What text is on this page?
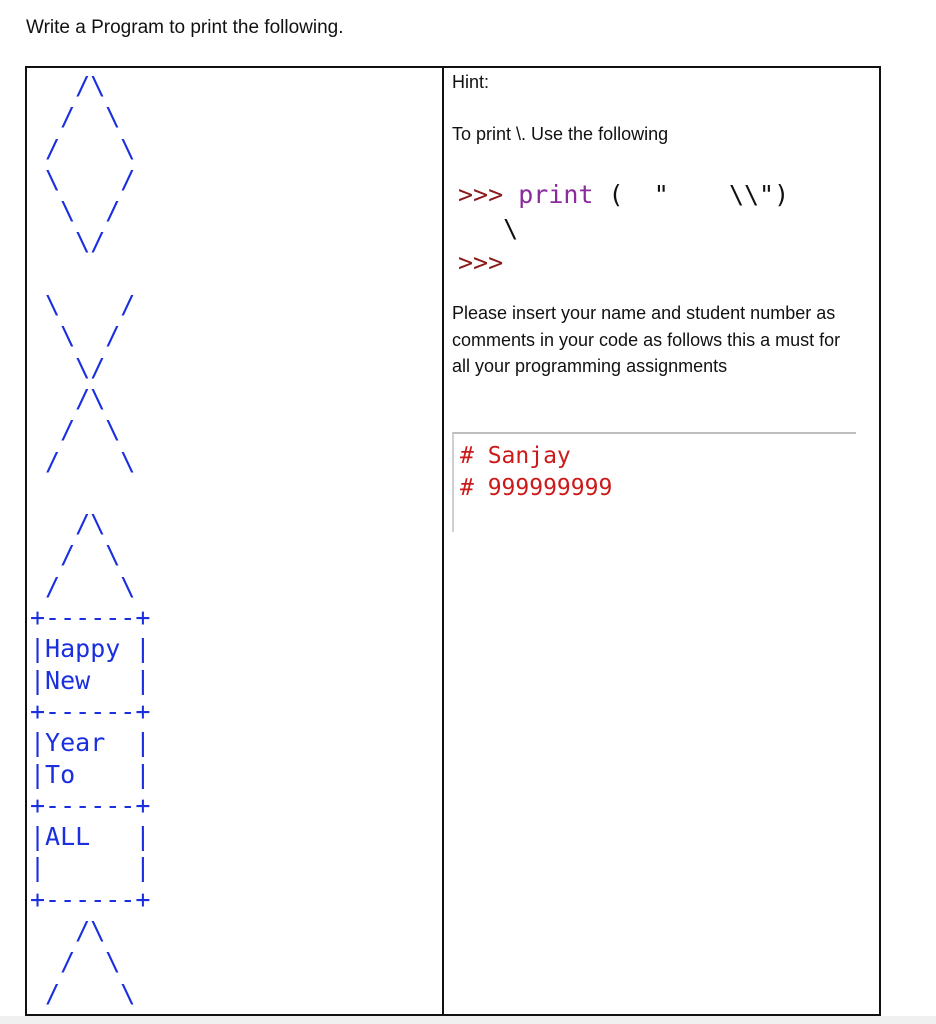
Write a Program to print the following.
/\
/  \
/    \
\    /
\  /
\/

\    /
\  /
\/
/\
/  \
/    \

/\
/  \
/    \
+------+
|Happy |
|New   |
+------+
|Year  |
|To    |
+------+
|ALL   |
|      |
+------+
/\
/  \
/    \
Hint:
To print \. Use the following
>>> print (  "    \\")
\
>>>
Please insert your name and student number as comments in your code as follows this a must for all your programming assignments
# Sanjay
# 999999999
